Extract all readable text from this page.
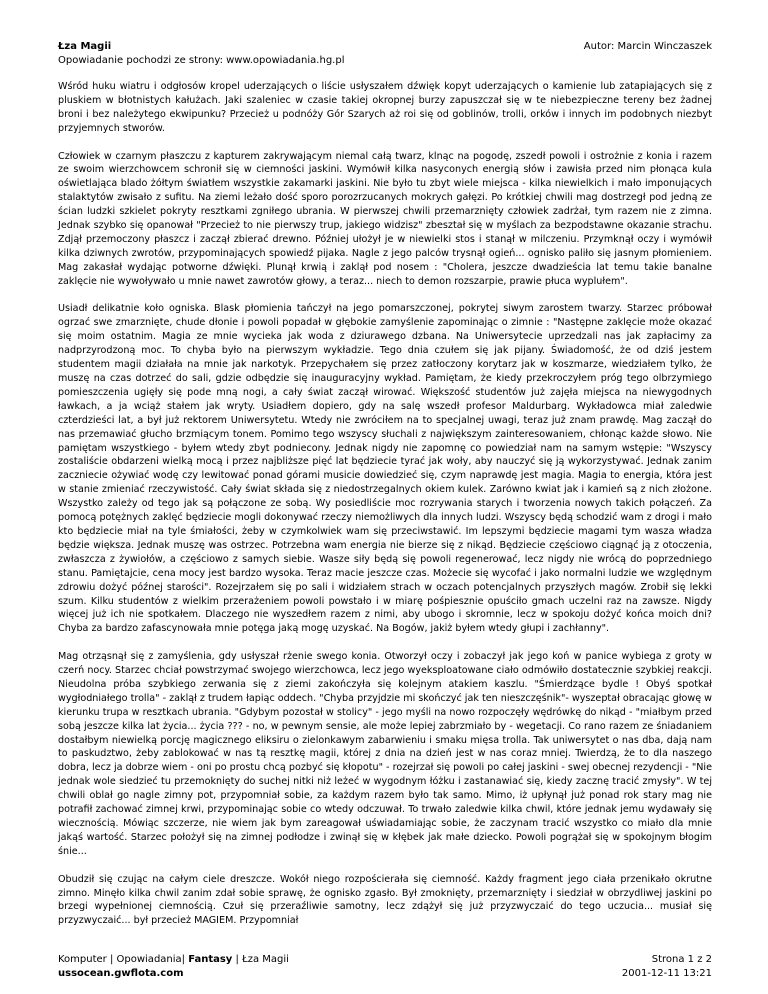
Łza Magii
Opowiadanie pochodzi ze strony: www.opowiadania.hg.pl
Autor: Marcin Winczaszek

Wśród huku wiatru i odgłosów kropel uderzających o liście usłyszałem dźwięk kopyt uderzających o kamienie lub zatapiających się z pluskiem w błotnistych kałużach. Jaki szaleniec w czasie takiej okropnej burzy zapuszczał się w te niebezpieczne tereny bez żadnej broni i bez należytego ekwipunku? Przecież u podnóży Gór Szarych aż roi się od goblinów, trolli, orków i innych im podobnych niezbyt przyjemnych stworów.

Człowiek w czarnym płaszczu z kapturem zakrywającym niemal całą twarz, klnąc na pogodę, zszedł powoli i ostrożnie z konia i razem ze swoim wierzchowcem schronił się w ciemności jaskini. Wymówił kilka nasyconych energią słów i zawisła przed nim płonąca kula oświetlająca blado żółtym światłem wszystkie zakamarki jaskini. Nie było tu zbyt wiele miejsca - kilka niewielkich i mało imponujących stalaktytów zwisało z sufitu. Na ziemi leżało dość sporo porozrzucanych mokrych gałęzi. Po krótkiej chwili mag dostrzegł pod jedną ze ścian ludzki szkielet pokryty resztkami zgniłego ubrania. W pierwszej chwili przemarznięty człowiek zadrżał, tym razem nie z zimna. Jednak szybko się opanował "Przecież to nie pierwszy trup, jakiego widzisz" zbeształ się w myślach za bezpodstawne okazanie strachu. Zdjął przemoczony płaszcz i zaczął zbierać drewno. Później ułożył je w niewielki stos i stanął w milczeniu. Przymknął oczy i wymówił kilka dziwnych zwrotów, przypominających spowiedź pijaka. Nagle z jego palców trysnął ogień... ognisko paliło się jasnym płomieniem. Mag zakasłał wydając potworne dźwięki. Plunął krwią i zaklął pod nosem : "Cholera, jeszcze dwadzieścia lat temu takie banalne zaklęcie nie wywoływało u mnie nawet zawrotów głowy, a teraz... niech to demon rozszarpie, prawie płuca wyplułem".

Usiadł delikatnie koło ogniska. Blask płomienia tańczył na jego pomarszczonej, pokrytej siwym zarostem twarzy. Starzec próbował ogrzać swe zmarznięte, chude dłonie i powoli popadał w głębokie zamyślenie zapominając o zimnie : "Następne zaklęcie może okazać się moim ostatnim. Magia ze mnie wycieka jak woda z dziurawego dzbana. Na Uniwersytecie uprzedzali nas jak zapłacimy za nadprzyrodzoną moc. To chyba było na pierwszym wykładzie. Tego dnia czułem się jak pijany. Świadomość, że od dziś jestem studentem magii działała na mnie jak narkotyk. Przepychałem się przez zatłoczony korytarz jak w koszmarze, wiedziałem tylko, że muszę na czas dotrzeć do sali, gdzie odbędzie się inauguracyjny wykład. Pamiętam, że kiedy przekroczyłem próg tego olbrzymiego pomieszczenia ugięły się pode mną nogi, a cały świat zaczął wirować. Większość studentów już zajęła miejsca na niewygodnych ławkach, a ja wciąż stałem jak wryty. Usiadłem dopiero, gdy na salę wszedł profesor Maldurbarg. Wykładowca miał zaledwie czterdzieści lat, a był już rektorem Uniwersytetu. Wtedy nie zwróciłem na to specjalnej uwagi, teraz już znam prawdę. Mag zaczął do nas przemawiać głucho brzmiącym tonem. Pomimo tego wszyscy słuchali z największym zainteresowaniem, chłonąc każde słowo. Nie pamiętam wszystkiego - byłem wtedy zbyt podniecony. Jednak nigdy nie zapomnę co powiedział nam na samym wstępie: "Wszyscy zostaliście obdarzeni wielką mocą i przez najbliższe pięć lat będziecie tyrać jak woły, aby nauczyć się ją wykorzystywać. Jednak zanim zaczniecie ożywiać wodę czy lewitować ponad górami musicie dowiedzieć się, czym naprawdę jest magia. Magia to energia, która jest w stanie zmieniać rzeczywistość. Cały świat składa się z niedostrzegalnych okiem kulek. Zarówno kwiat jak i kamień są z nich złożone. Wszystko zależy od tego jak są połączone ze sobą. Wy posiedliście moc rozrywania starych i tworzenia nowych takich połączeń. Za pomocą potężnych zaklęć będziecie mogli dokonywać rzeczy niemożliwych dla innych ludzi. Wszyscy będą schodzić wam z drogi i mało kto będziecie miał na tyle śmiałości, żeby w czymkolwiek wam się przeciwstawić. Im lepszymi będziecie magami tym wasza władza będzie większa. Jednak muszę was ostrzec. Potrzebna wam energia nie bierze się z nikąd. Będziecie częściowo ciągnąć ją z otoczenia, zwłaszcza z żywiołów, a częściowo z samych siebie. Wasze siły będą się powoli regenerować, lecz nigdy nie wrócą do poprzedniego stanu. Pamiętajcie, cena mocy jest bardzo wysoka. Teraz macie jeszcze czas. Możecie się wycofać i jako normalni ludzie we względnym zdrowiu dożyć późnej starości". Rozejrzałem się po sali i widziałem strach w oczach potencjalnych przyszłych magów. Zrobił się lekki szum. Kilku studentów z wielkim przerażeniem powoli powstało i w miarę pośpiesznie opuściło gmach uczelni raz na zawsze. Nigdy więcej już ich nie spotkałem. Dlaczego nie wyszedłem razem z nimi, aby ubogo i skromnie, lecz w spokoju dożyć końca moich dni? Chyba za bardzo zafascynowała mnie potęga jaką mogę uzyskać. Na Bogów, jakiż byłem wtedy głupi i zachłanny".

Mag otrząsnął się z zamyślenia, gdy usłyszał rżenie swego konia. Otworzył oczy i zobaczył jak jego koń w panice wybiega z groty w czerń nocy. Starzec chciał powstrzymać swojego wierzchowca, lecz jego wyeksploatowane ciało odmówiło dostatecznie szybkiej reakcji. Nieudolna próba szybkiego zerwania się z ziemi zakończyła się kolejnym atakiem kaszlu. "Śmierdzące bydle ! Obyś spotkał wygłodniałego trolla" - zaklął z trudem łapiąc oddech. "Chyba przyjdzie mi skończyć jak ten nieszczęśnik"- wyszeptał obracając głowę w kierunku trupa w resztkach ubrania. "Gdybym pozostał w stolicy" - jego myśli na nowo rozpoczęły wędrówkę do nikąd - "miałbym przed sobą jeszcze kilka lat życia... życia ??? - no, w pewnym sensie, ale może lepiej zabrzmiało by - wegetacji. Co rano razem ze śniadaniem dostałbym niewielką porcję magicznego eliksiru o zielonkawym zabarwieniu i smaku mięsa trolla. Tak uniwersytet o nas dba, dają nam to paskudztwo, żeby zablokować w nas tą resztkę magii, której z dnia na dzień jest w nas coraz mniej. Twierdzą, że to dla naszego dobra, lecz ja dobrze wiem - oni po prostu chcą pozbyć się kłopotu" - rozejrzał się powoli po całej jaskini - swej obecnej rezydencji - "Nie jednak wole siedzieć tu przemoknięty do suchej nitki niż leżeć w wygodnym łóżku i zastanawiać się, kiedy zacznę tracić zmysły". W tej chwili oblał go nagle zimny pot, przypomniał sobie, za każdym razem było tak samo. Mimo, iż upłynął już ponad rok stary mag nie potrafił zachować zimnej krwi, przypominając sobie co wtedy odczuwał. To trwało zaledwie kilka chwil, które jednak jemu wydawały się wiecznością. Mówiąc szczerze, nie wiem jak bym zareagował uświadamiając sobie, że zaczynam tracić wszystko co miało dla mnie jakąś wartość. Starzec położył się na zimnej podłodze i zwinął się w kłębek jak małe dziecko. Powoli pogrążał się w spokojnym błogim śnie...

Obudził się czując na całym ciele dreszcze. Wokół niego rozpościerała się ciemność. Każdy fragment jego ciała przenikało okrutne zimno. Minęło kilka chwil zanim zdał sobie sprawę, że ognisko zgasło. Był zmoknięty, przemarznięty i siedział w obrzydliwej jaskini po brzegi wypełnionej ciemnością. Czuł się przeraźliwie samotny, lecz zdążył się już przyzwyczaić do tego uczucia... musiał się przyzwyczaić... był przecież MAGIEM. Przypomniał

Komputer | Opowiadania| Fantasy | Łza Magii
ussocean.gwflota.com
Strona 1 z 2
2001-12-11 13:21
